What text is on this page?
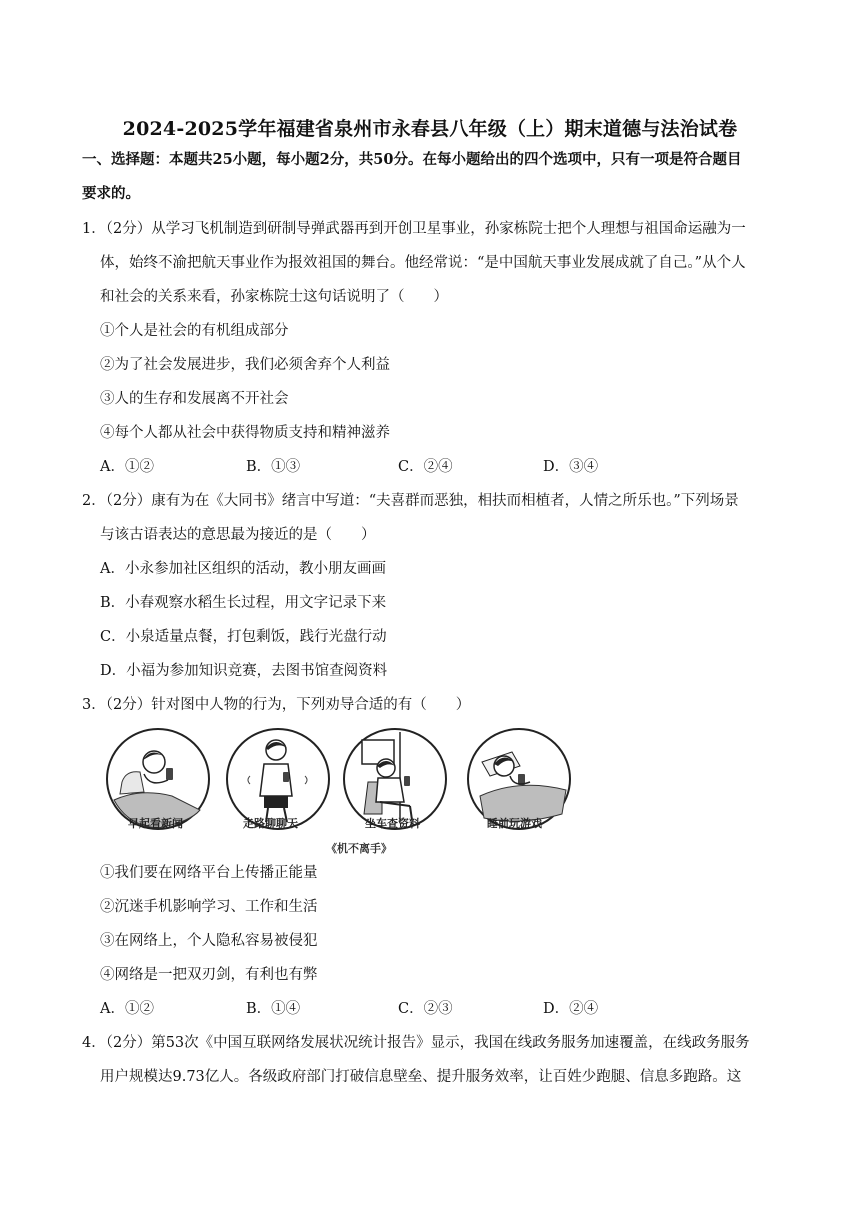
2024-2025学年福建省泉州市永春县八年级（上）期末道德与法治试卷
一、选择题：本题共25小题，每小题2分，共50分。在每小题给出的四个选项中，只有一项是符合题目
要求的。
1．（2分）从学习飞机制造到研制导弹武器再到开创卫星事业，孙家栋院士把个人理想与祖国命运融为一
体，始终不渝把航天事业作为报效祖国的舞台。他经常说：“是中国航天事业发展成就了自己。”从个人
和社会的关系来看，孙家栋院士这句话说明了（　　）
①个人是社会的有机组成部分
②为了社会发展进步，我们必须舍弃个人利益
③人的生存和发展离不开社会
④每个人都从社会中获得物质支持和精神滋养
A．①②	B．①③	C．②④	D．③④
2．（2分）康有为在《大同书》绪言中写道：“夫喜群而恶独，相扶而相植者，人情之所乐也。”下列场景
与该古语表达的意思最为接近的是（　　）
A．小永参加社区组织的活动，教小朋友画画
B．小春观察水稻生长过程，用文字记录下来
C．小泉适量点餐，打包剩饭，践行光盘行动
D．小福为参加知识竞赛，去图书馆查阅资料
3．（2分）针对图中人物的行为，下列劝导合适的有（　　）
早起看新闻	走路聊聊天	坐车查资料	睡前玩游戏
《机不离手》
①我们要在网络平台上传播正能量
②沉迷手机影响学习、工作和生活
③在网络上，个人隐私容易被侵犯
④网络是一把双刃剑，有利也有弊
A．①②	B．①④	C．②③	D．②④
4．（2分）第53次《中国互联网络发展状况统计报告》显示，我国在线政务服务加速覆盖，在线政务服务
用户规模达9.73亿人。各级政府部门打破信息壁垒、提升服务效率，让百姓少跑腿、信息多跑路。这
